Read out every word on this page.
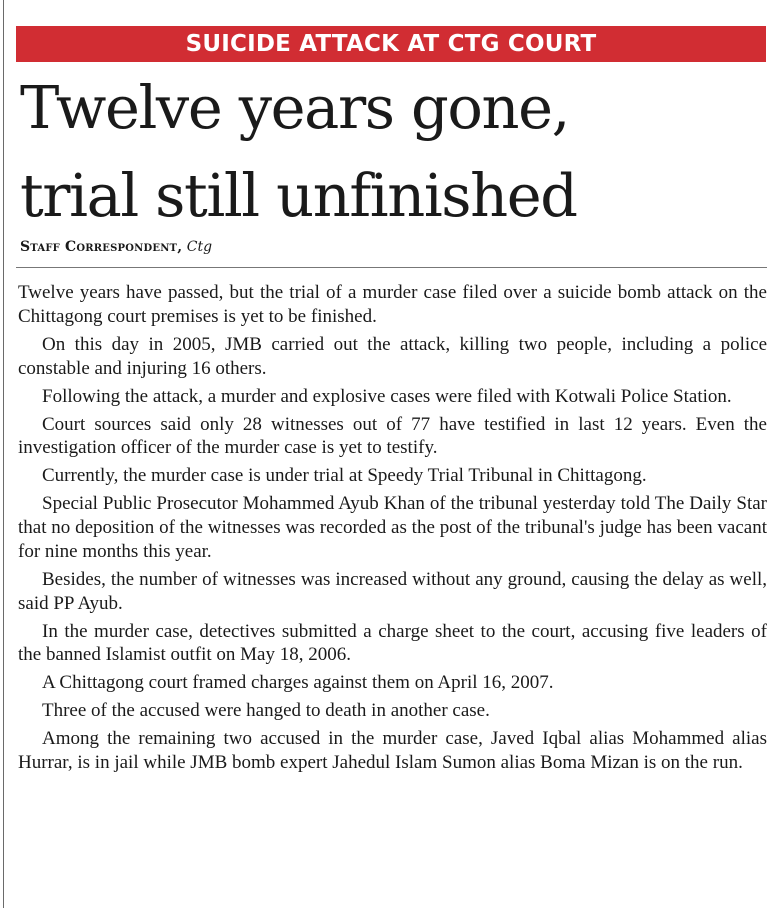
SUICIDE ATTACK AT CTG COURT
Twelve years gone,
trial still unfinished
Staff Correspondent, Ctg

Twelve years have passed, but the trial of a murder case filed over a suicide bomb attack on the Chittagong court premises is yet to be finished.

On this day in 2005, JMB carried out the attack, killing two people, including a police constable and injuring 16 others.

Following the attack, a murder and explosive cases were filed with Kotwali Police Station.

Court sources said only 28 witnesses out of 77 have testified in last 12 years. Even the investigation officer of the murder case is yet to testify.

Currently, the murder case is under trial at Speedy Trial Tribunal in Chittagong.

Special Public Prosecutor Mohammed Ayub Khan of the tribunal yesterday told The Daily Star that no deposition of the witnesses was recorded as the post of the tribunal's judge has been vacant for nine months this year.

Besides, the number of witnesses was increased without any ground, causing the delay as well, said PP Ayub.

In the murder case, detectives submitted a charge sheet to the court, accusing five leaders of the banned Islamist outfit on May 18, 2006.

A Chittagong court framed charges against them on April 16, 2007.

Three of the accused were hanged to death in another case.

Among the remaining two accused in the murder case, Javed Iqbal alias Mohammed alias Hurrar, is in jail while JMB bomb expert Jahedul Islam Sumon alias Boma Mizan is on the run.
